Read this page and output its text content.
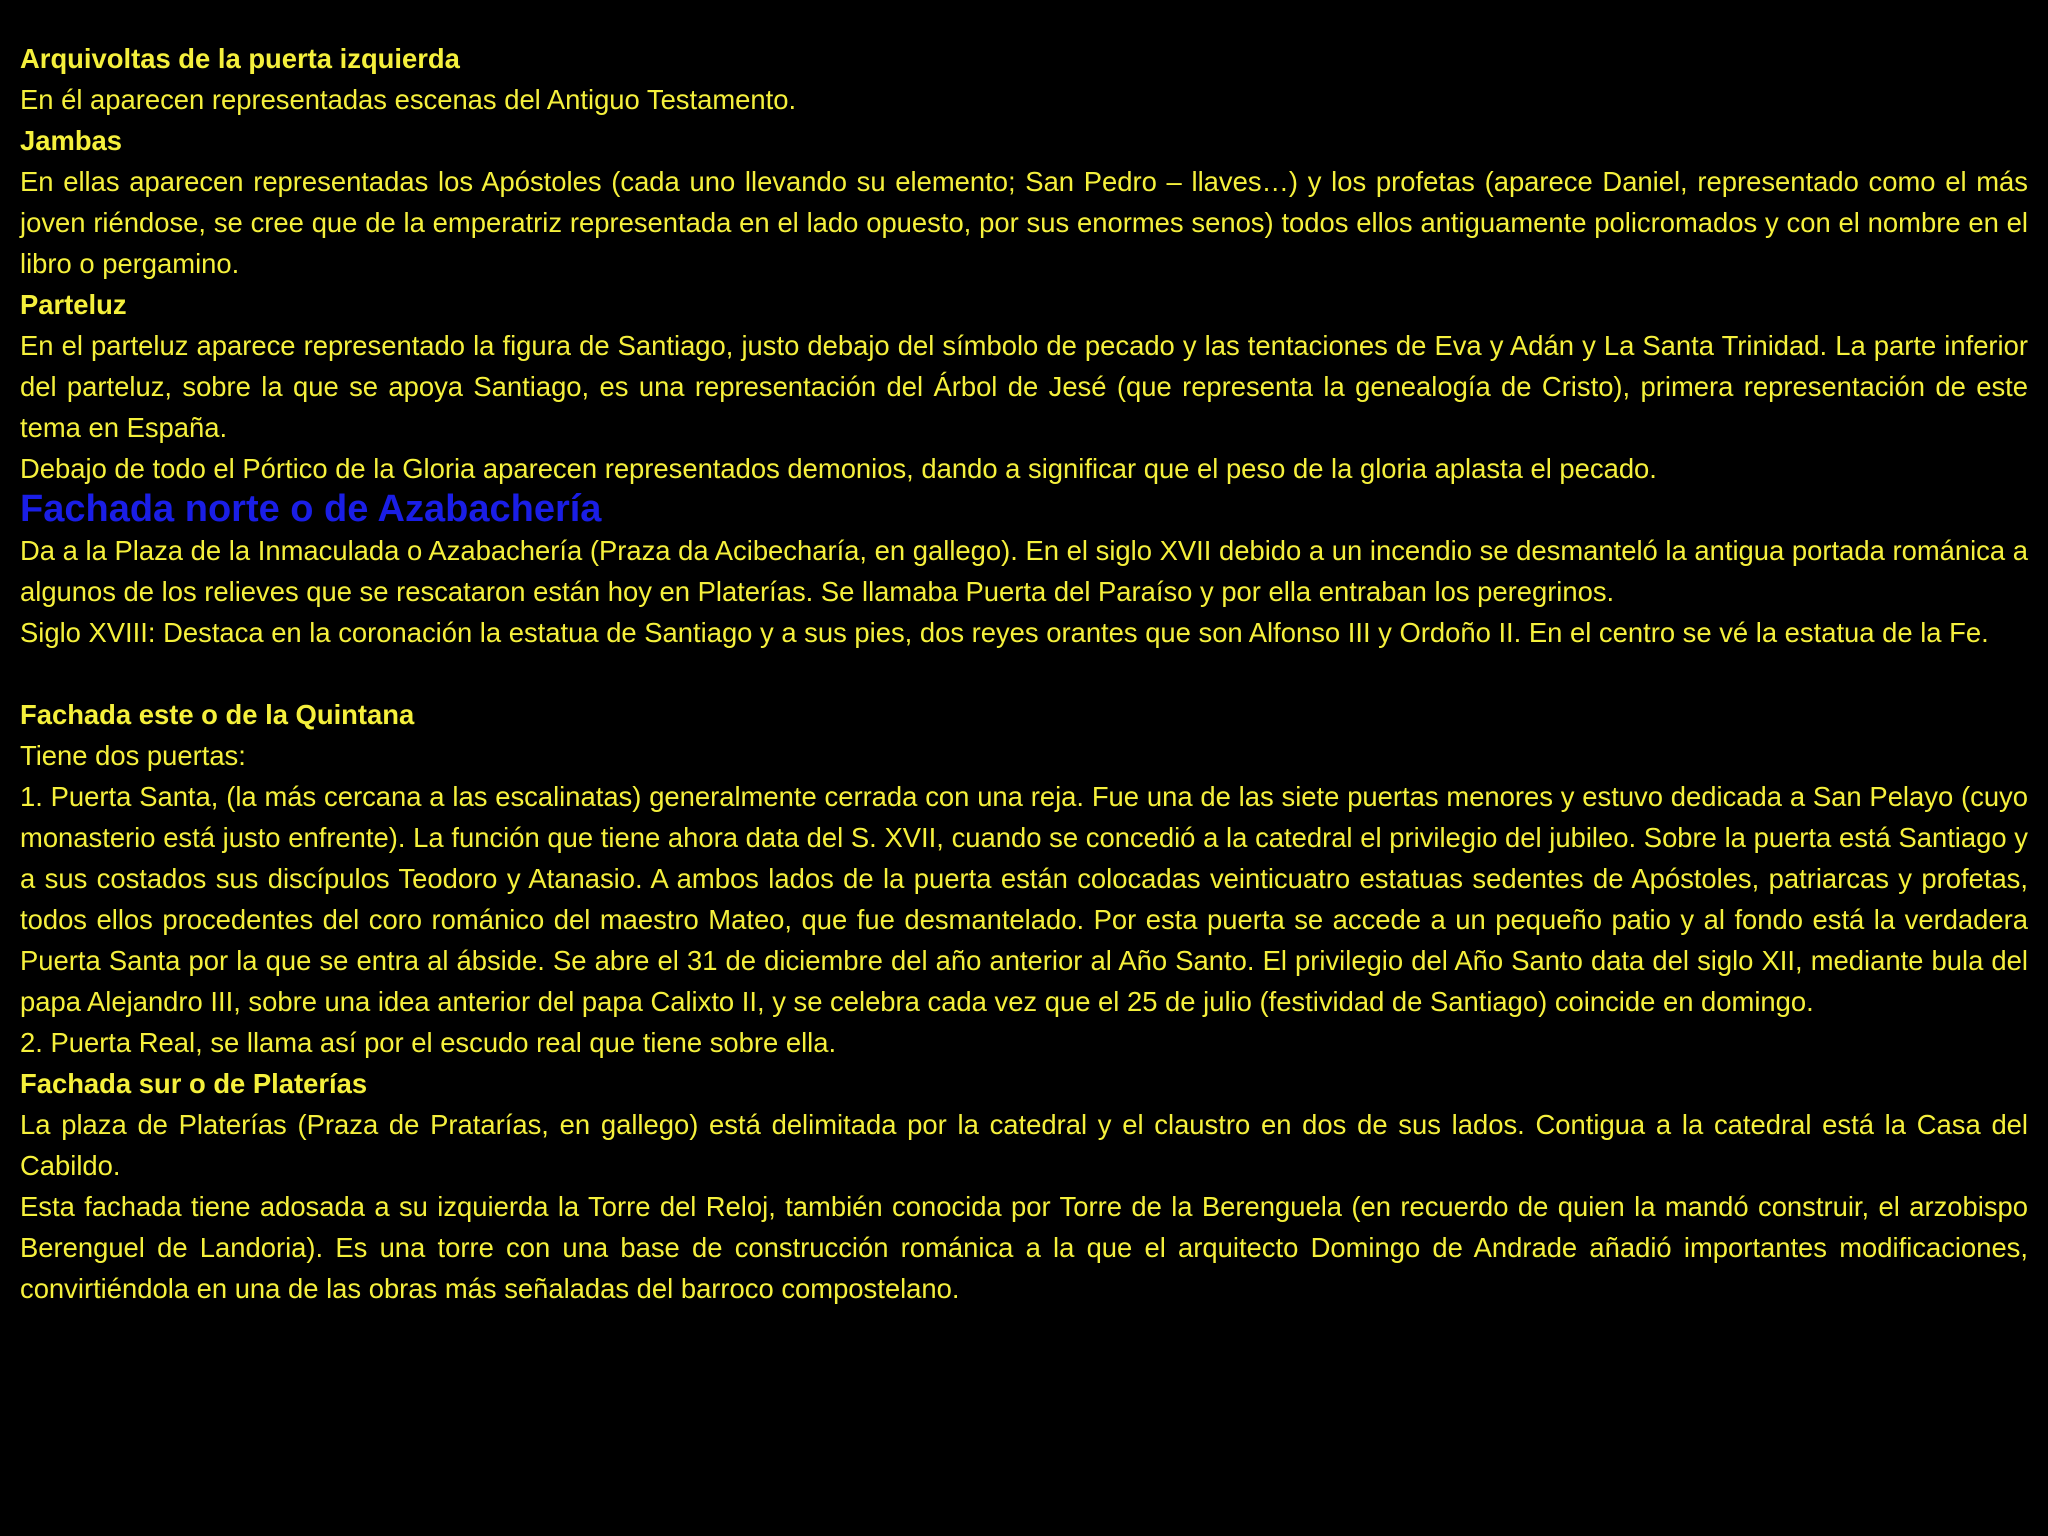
Arquivoltas de la puerta izquierda

En él aparecen representadas escenas del Antiguo Testamento.

Jambas

En ellas aparecen representadas los Apóstoles (cada uno llevando su elemento; San Pedro – llaves…) y los profetas (aparece Daniel, representado como el más joven riéndose, se cree que de la emperatriz representada en el lado opuesto, por sus enormes senos) todos ellos antiguamente policromados y con el nombre en el libro o pergamino.

Parteluz

En el parteluz aparece representado la figura de Santiago, justo debajo del símbolo de pecado y las tentaciones de Eva y Adán y La Santa Trinidad. La parte inferior del parteluz, sobre la que se apoya Santiago, es una representación del Árbol de Jesé (que representa la genealogía de Cristo), primera representación de este tema en España.

Debajo de todo el Pórtico de la Gloria aparecen representados demonios, dando a significar que el peso de la gloria aplasta el pecado.

Fachada norte o de Azabachería

Da a la Plaza de la Inmaculada o Azabachería (Praza da Acibecharía, en gallego). En el siglo XVII debido a un incendio se desmanteló la antigua portada románica a algunos de los relieves que se rescataron están hoy en Platerías. Se llamaba Puerta del Paraíso y por ella entraban los peregrinos.

Siglo XVIII: Destaca en la coronación la estatua de Santiago y a sus pies, dos reyes orantes que son Alfonso III y Ordoño II. En el centro se vé la estatua de la Fe.

Fachada este o de la Quintana

Tiene dos puertas:

1. Puerta Santa, (la más cercana a las escalinatas) generalmente cerrada con una reja. Fue una de las siete puertas menores y estuvo dedicada a San Pelayo (cuyo monasterio está justo enfrente). La función que tiene ahora data del S. XVII, cuando se concedió a la catedral el privilegio del jubileo. Sobre la puerta está Santiago y a sus costados sus discípulos Teodoro y Atanasio. A ambos lados de la puerta están colocadas veinticuatro estatuas sedentes de Apóstoles, patriarcas y profetas, todos ellos procedentes del coro románico del maestro Mateo, que fue desmantelado. Por esta puerta se accede a un pequeño patio y al fondo está la verdadera Puerta Santa por la que se entra al ábside. Se abre el 31 de diciembre del año anterior al Año Santo. El privilegio del Año Santo data del siglo XII, mediante bula del papa Alejandro III, sobre una idea anterior del papa Calixto II, y se celebra cada vez que el 25 de julio (festividad de Santiago) coincide en domingo.

2. Puerta Real, se llama así por el escudo real que tiene sobre ella.

Fachada sur o de Platerías

La plaza de Platerías (Praza de Pratarías, en gallego) está delimitada por la catedral y el claustro en dos de sus lados. Contigua a la catedral está la Casa del Cabildo.

Esta fachada tiene adosada a su izquierda la Torre del Reloj, también conocida por Torre de la Berenguela (en recuerdo de quien la mandó construir, el arzobispo Berenguel de Landoria). Es una torre con una base de construcción románica a la que el arquitecto Domingo de Andrade añadió importantes modificaciones, convirtiéndola en una de las obras más señaladas del barroco compostelano.
